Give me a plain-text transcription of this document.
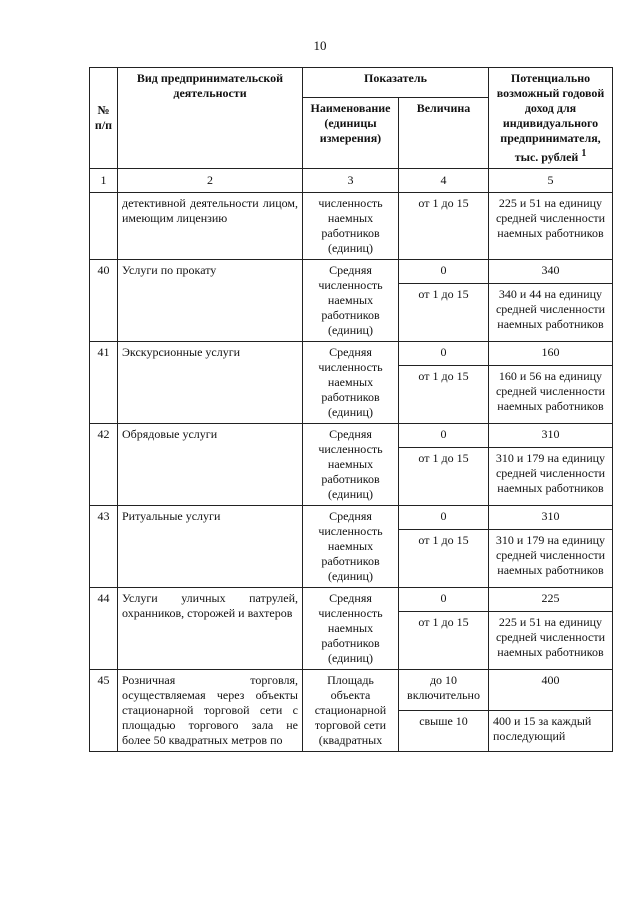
10
№ п/п	Вид предпринимательской деятельности	Показатель		Потенциально возможный годовой доход для индивидуального предпринимателя, тыс. рублей $^1$
		Наименование (единицы измерения)	Величина	
1	2	3	4	5
	детективной деятельности лицом, имеющим лицензию	численность наемных работников (единиц)	от 1 до 15	225 и 51 на единицу средней численности наемных работников
40	Услуги по прокату	Средняя численность наемных работников (единиц)	0	340
			от 1 до 15	340 и 44 на единицу средней численности наемных работников
41	Экскурсионные услуги	Средняя численность наемных работников (единиц)	0	160
			от 1 до 15	160 и 56 на единицу средней численности наемных работников
42	Обрядовые услуги	Средняя численность наемных работников (единиц)	0	310
			от 1 до 15	310 и 179 на единицу средней численности наемных работников
43	Ритуальные услуги	Средняя численность наемных работников (единиц)	0	310
			от 1 до 15	310 и 179 на единицу средней численности наемных работников
44	Услуги уличных патрулей, охранников, сторожей и вахтеров	Средняя численность наемных работников (единиц)	0	225
			от 1 до 15	225 и 51 на единицу средней численности наемных работников
45	Розничная торговля, осуществляемая через объекты стационарной торговой сети с площадью торгового зала не более 50 квадратных метров по	Площадь объекта стационарной торговой сети (квадратных	до 10 включительно	400
			свыше 10	400 и 15 за каждый последующий
